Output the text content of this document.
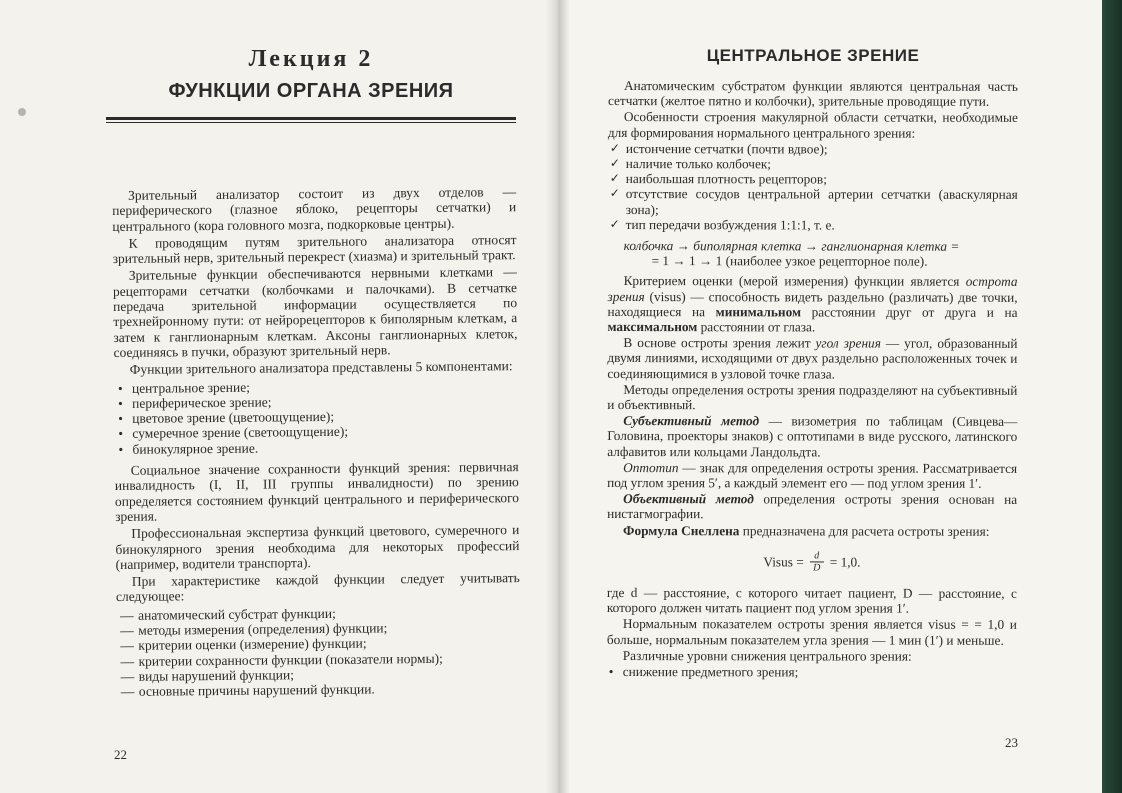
Лекция 2
ФУНКЦИИ ОРГАНА ЗРЕНИЯ

Зрительный анализатор состоит из двух отделов — периферического (глазное яблоко, рецепторы сетчатки) и центрального (кора головного мозга, подкорковые центры).

К проводящим путям зрительного анализатора относят зрительный нерв, зрительный перекрест (хиазма) и зрительный тракт.

Зрительные функции обеспечиваются нервными клетками — рецепторами сетчатки (колбочками и палочками). В сетчатке передача зрительной информации осуществляется по трехнейронному пути: от нейрорецепторов к биполярным клеткам, а затем к ганглионарным клеткам. Аксоны ганглионарных клеток, соединяясь в пучки, образуют зрительный нерв.

Функции зрительного анализатора представлены 5 компонентами:

• центральное зрение;
• периферическое зрение;
• цветовое зрение (цветоощущение);
• сумеречное зрение (светоощущение);
• бинокулярное зрение.

Социальное значение сохранности функций зрения: первичная инвалидность (I, II, III группы инвалидности) по зрению определяется состоянием функций центрального и периферического зрения.

Профессиональная экспертиза функций цветового, сумеречного и бинокулярного зрения необходима для некоторых профессий (например, водители транспорта).

При характеристике каждой функции следует учитывать следующее:

— анатомический субстрат функции;
— методы измерения (определения) функции;
— критерии оценки (измерение) функции;
— критерии сохранности функции (показатели нормы);
— виды нарушений функции;
— основные причины нарушений функции.
22
ЦЕНТРАЛЬНОЕ ЗРЕНИЕ

Анатомическим субстратом функции являются центральная часть сетчатки (желтое пятно и колбочки), зрительные проводящие пути.

Особенности строения макулярной области сетчатки, необходимые для формирования нормального центрального зрения:

✓ истончение сетчатки (почти вдвое);
✓ наличие только колбочек;
✓ наибольшая плотность рецепторов;
✓ отсутствие сосудов центральной артерии сетчатки (аваскулярная зона);
✓ тип передачи возбуждения 1:1:1, т. е.

колбочка → биполярная клетка → ганглионарная клетка =
= 1 → 1 → 1 (наиболее узкое рецепторное поле).

Критерием оценки (мерой измерения) функции является острота зрения (visus) — способность видеть раздельно (различать) две точки, находящиеся на минимальном расстоянии друг от друга и на максимальном расстоянии от глаза.

В основе остроты зрения лежит угол зрения — угол, образованный двумя линиями, исходящими от двух раздельно расположенных точек и соединяющимися в узловой точке глаза.

Методы определения остроты зрения подразделяют на субъективный и объективный.

Субъективный метод — визометрия по таблицам (Сивцева—Головина, проекторы знаков) с оптотипами в виде русского, латинского алфавитов или кольцами Ландольдта.

Оптотип — знак для определения остроты зрения. Рассматривается под углом зрения 5′, а каждый элемент его — под углом зрения 1′.

Объективный метод определения остроты зрения основан на нистагмографии.

Формула Снеллена предназначена для расчета остроты зрения:

Visus = $\frac{d}{D} = 1,0$.

где d — расстояние, с которого читает пациент, D — расстояние, с которого должен читать пациент под углом зрения 1′.

Нормальным показателем остроты зрения является visus = = 1,0 и больше, нормальным показателем угла зрения — 1 мин (1′) и меньше.

Различные уровни снижения центрального зрения:

• снижение предметного зрения;
23
